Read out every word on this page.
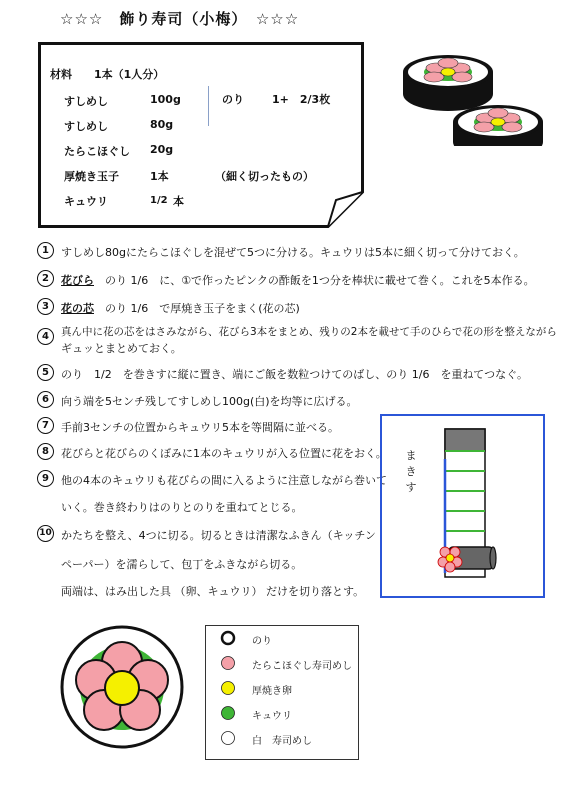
☆☆☆　飾り寿司（小梅）　☆☆☆
材料　　1本（1人分）
すしめし	100g
すしめし	80g
たらこほぐし 20g
厚焼き玉子	1本	（細く切ったもの）
キュウリ	1/2 本
のり	1+　2/3枚
1	すしめし80gにたらこほぐしを混ぜて5つに分ける。キュウリは5本に細く切って分けておく。
2	花びら　のり 1/6　に、①で作ったピンクの酢飯を1つ分を棒状に載せて巻く。これを5本作る。
3	花の芯　のり 1/6　で厚焼き玉子をまく(花の芯)
4	真ん中に花の芯をはさみながら、花びら3本をまとめ、残りの2本を載せて手のひらで花の形を整えながら
ギュッとまとめておく。
5	のり　1/2　を巻きすに縦に置き、端にご飯を数粒つけてのばし、のり 1/6　を重ねてつなぐ。
6	向う端を5センチ残してすしめし100g(白)を均等に広げる。
7	手前3センチの位置からキュウリ5本を等間隔に並べる。
8	花びらと花びらのくぼみに1本のキュウリが入る位置に花をおく。
9	他の4本のキュウリも花びらの間に入るように注意しながら巻いて
いく。巻き終わりはのりとのりを重ねてとじる。
10 かたちを整え、4つに切る。切るときは清潔なふきん（キッチン
ペーパー）を濡らして、包丁をふきながら切る。
両端は、はみ出した具 （卵、キュウリ） だけを切り落とす。
まきす
のり
たらこほぐし寿司めし
厚焼き卵
キュウリ
白　寿司めし
